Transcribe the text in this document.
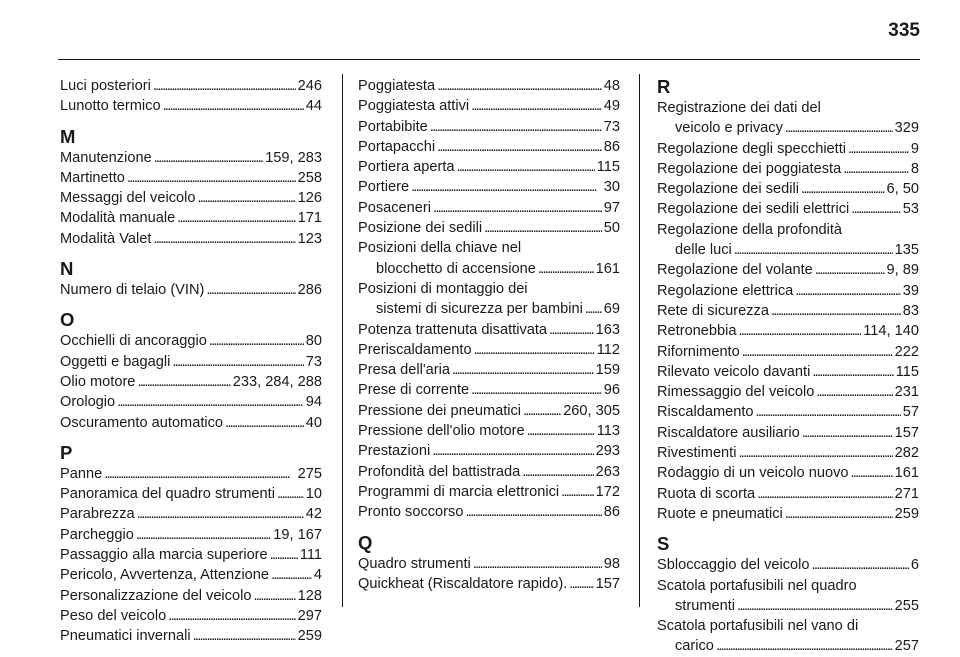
335
Luci posteriori . . .	246
Lunotto termico . . .	44
M
Manutenzione . . .	159, 283
Martinetto . . .	258
Messaggi del veicolo . . .	126
Modalità manuale . . .	171
Modalità Valet . . .	123
N
Numero di telaio (VIN) . . .	286
O
Occhielli di ancoraggio . . .	80
Oggetti e bagagli . . .	73
Olio motore . . .	233, 284, 288
Orologio . . .	94
Oscuramento automatico . . .	40
P
Panne . . .	275
Panoramica del quadro strumenti . . . 10
Parabrezza . . .	42
Parcheggio . . .	19, 167
Passaggio alla marcia superiore . . . 111
Pericolo, Avvertenza, Attenzione . . .	4
Personalizzazione del veicolo . . .	128
Peso del veicolo . . .	297
Pneumatici invernali . . .	259
Poggiatesta . . .	48
Poggiatesta attivi . . .	49
Portabibite . . .	73
Portapacchi . . .	86
Portiera aperta . . .	115
Portiere . . .	30
Posaceneri . . .	97
Posizione dei sedili . . .	50
Posizioni della chiave nel
blocchetto di accensione . . .	161
Posizioni di montaggio dei
sistemi di sicurezza per bambini . . . 69
Potenza trattenuta disattivata . . .	163
Preriscaldamento . . .	112
Presa dell'aria . . .	159
Prese di corrente . . .	96
Pressione dei pneumatici . . .	260, 305
Pressione dell'olio motore . . .	113
Prestazioni . . .	293
Profondità del battistrada . . .	263
Programmi di marcia elettronici . . .	172
Pronto soccorso . . .	86
Q
Quadro strumenti . . .	98
Quickheat (Riscaldatore rapido). . . . 157
R
Registrazione dei dati del
veicolo e privacy . . .	329
Regolazione degli specchietti . . .	9
Regolazione dei poggiatesta . . .	8
Regolazione dei sedili . . .	6, 50
Regolazione dei sedili elettrici . . .	53
Regolazione della profondità
delle luci . . .	135
Regolazione del volante . . .	9, 89
Regolazione elettrica . . .	39
Rete di sicurezza . . .	83
Retronebbia . . .	114, 140
Rifornimento . . .	222
Rilevato veicolo davanti . . .	115
Rimessaggio del veicolo . . .	231
Riscaldamento . . .	57
Riscaldatore ausiliario . . .	157
Rivestimenti . . .	282
Rodaggio di un veicolo nuovo . . .	161
Ruota di scorta . . .	271
Ruote e pneumatici . . .	259
S
Sbloccaggio del veicolo . . .	6
Scatola portafusibili nel quadro
strumenti . . .	255
Scatola portafusibili nel vano di
carico . . .	257
